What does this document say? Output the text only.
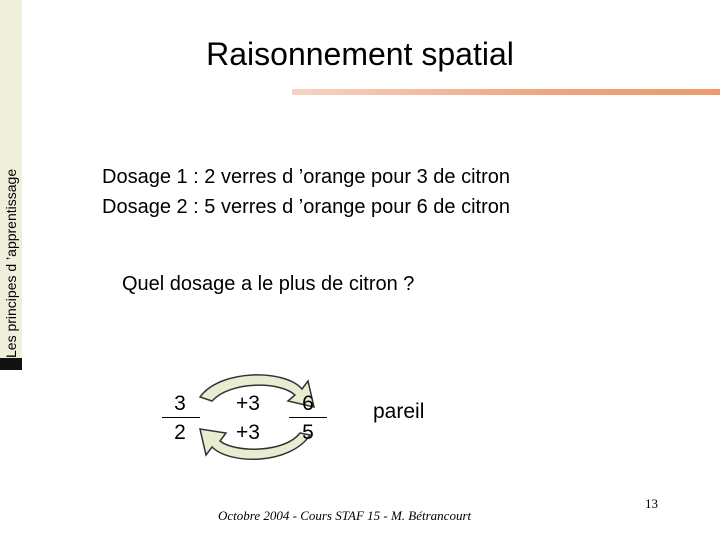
Les principes d ’apprentissage
Raisonnement spatial
Dosage 1 : 2 verres d ’orange pour 3 de citron
Dosage 2 : 5 verres d ’orange pour 6 de citron
Quel dosage a le plus de citron ?
3
2
+3
+3
6
5
pareil
Octobre 2004 - Cours STAF 15 - M. Bétrancourt
13
